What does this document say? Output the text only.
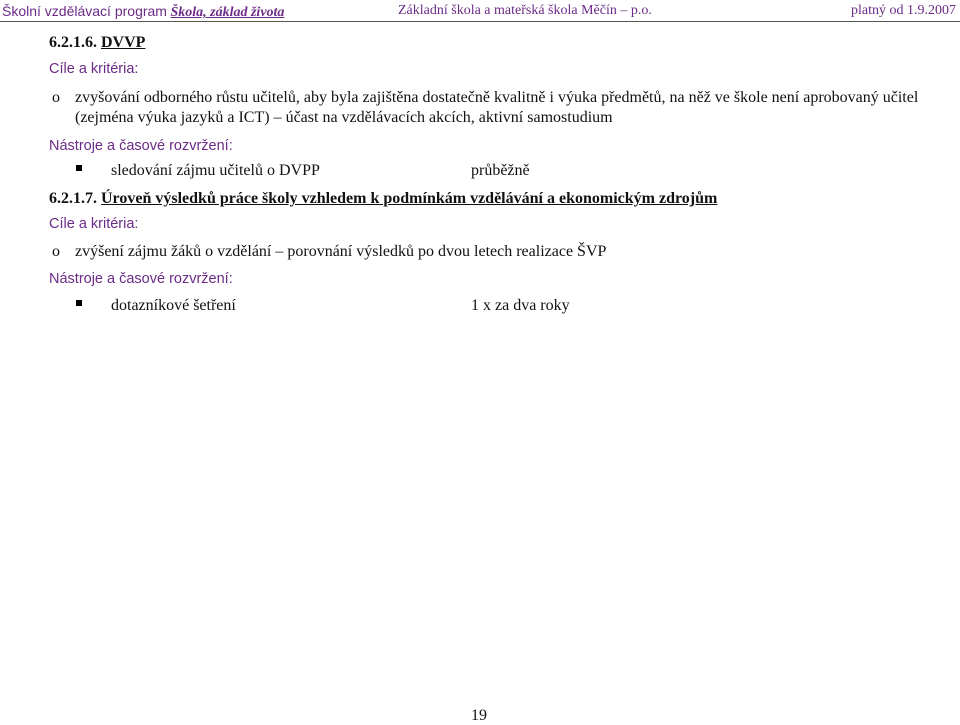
Školní vzdělávací program Škola, základ života	Základní škola a mateřská škola Měčín – p.o.	platný od 1.9.2007
6.2.1.6. DVVP
Cíle a kritéria:
o zvyšování odborného růstu učitelů, aby byla zajištěna dostatečně kvalitně i výuka předmětů, na něž ve škole není aprobovaný učitel
(zejména výuka jazyků a ICT) – účast na vzdělávacích akcích, aktivní samostudium
Nástroje a časové rozvržení:
sledování zájmu učitelů o DVPP	průběžně
6.2.1.7. Úroveň výsledků práce školy vzhledem k podmínkám vzdělávání a ekonomickým zdrojům
Cíle a kritéria:
o zvýšení zájmu žáků o vzdělání – porovnání výsledků po dvou letech realizace ŠVP
Nástroje a časové rozvržení:
dotazníkové šetření	1 x za dva roky
19
